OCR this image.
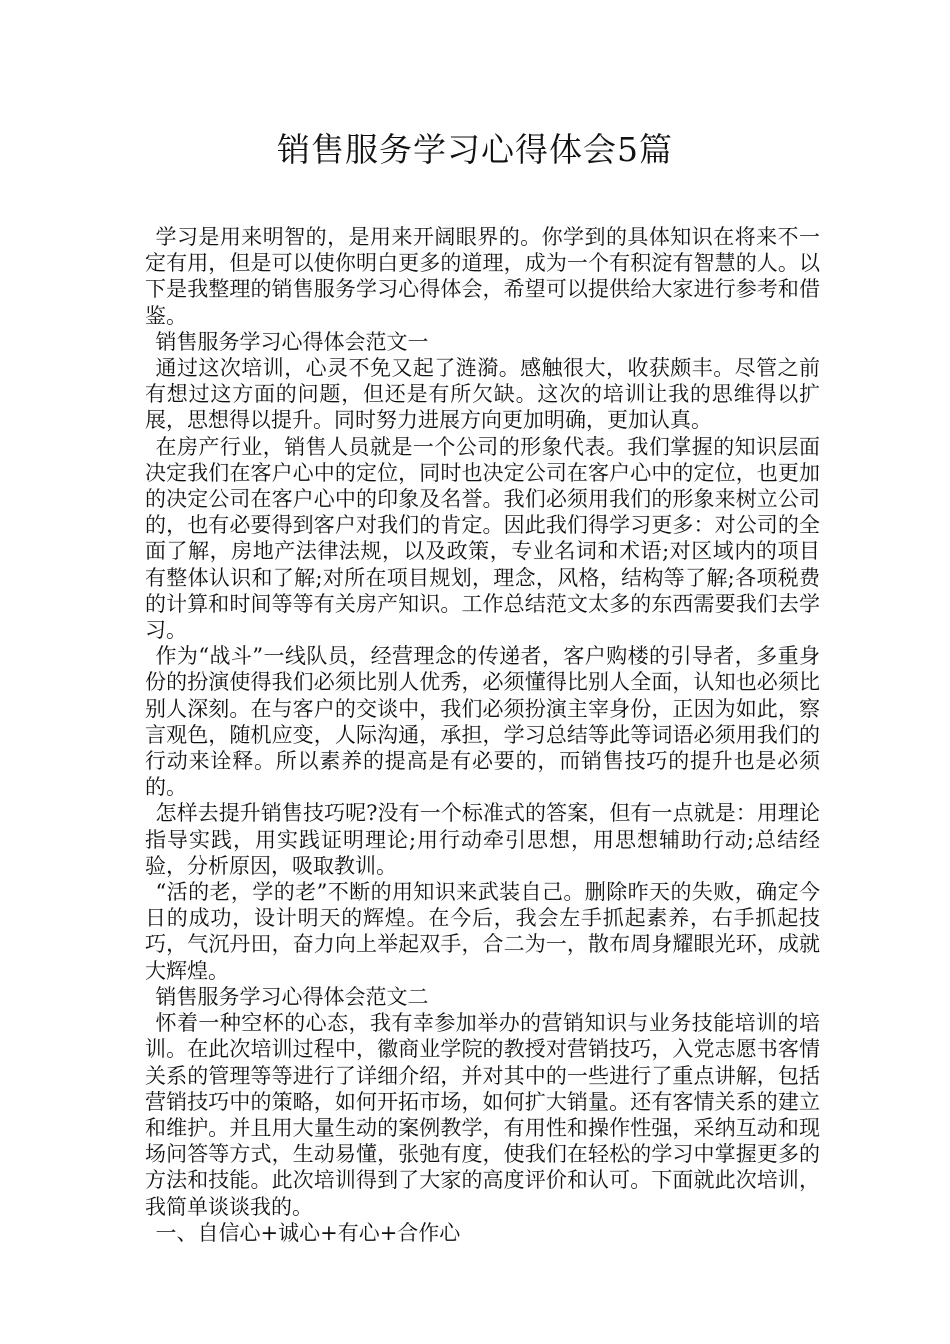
销售服务学习心得体会5篇

学习是用来明智的，是用来开阔眼界的。你学到的具体知识在将来不一定有用，但是可以使你明白更多的道理，成为一个有积淀有智慧的人。以下是我整理的销售服务学习心得体会，希望可以提供给大家进行参考和借鉴。

销售服务学习心得体会范文一

通过这次培训，心灵不免又起了涟漪。感触很大，收获颇丰。尽管之前有想过这方面的问题，但还是有所欠缺。这次的培训让我的思维得以扩展，思想得以提升。同时努力进展方向更加明确，更加认真。

在房产行业，销售人员就是一个公司的形象代表。我们掌握的知识层面决定我们在客户心中的定位，同时也决定公司在客户心中的定位，也更加的决定公司在客户心中的印象及名誉。我们必须用我们的形象来树立公司的，也有必要得到客户对我们的肯定。因此我们得学习更多：对公司的全面了解，房地产法律法规，以及政策，专业名词和术语;对区域内的项目有整体认识和了解;对所在项目规划，理念，风格，结构等了解;各项税费的计算和时间等等有关房产知识。工作总结范文太多的东西需要我们去学习。

作为“战斗”一线队员，经营理念的传递者，客户购楼的引导者，多重身份的扮演使得我们必须比别人优秀，必须懂得比别人全面，认知也必须比别人深刻。在与客户的交谈中，我们必须扮演主宰身份，正因为如此，察言观色，随机应变，人际沟通，承担，学习总结等此等词语必须用我们的行动来诠释。所以素养的提高是有必要的，而销售技巧的提升也是必须的。

怎样去提升销售技巧呢?没有一个标准式的答案，但有一点就是：用理论指导实践，用实践证明理论;用行动牵引思想，用思想辅助行动;总结经验，分析原因，吸取教训。

“活的老，学的老”不断的用知识来武装自己。删除昨天的失败，确定今日的成功，设计明天的辉煌。在今后，我会左手抓起素养，右手抓起技巧，气沉丹田，奋力向上举起双手，合二为一，散布周身耀眼光环，成就大辉煌。

销售服务学习心得体会范文二

怀着一种空杯的心态，我有幸参加举办的营销知识与业务技能培训的培训。在此次培训过程中，徽商业学院的教授对营销技巧，入党志愿书客情关系的管理等等进行了详细介绍，并对其中的一些进行了重点讲解，包括营销技巧中的策略，如何开拓市场，如何扩大销量。还有客情关系的建立和维护。并且用大量生动的案例教学，有用性和操作性强，采纳互动和现场问答等方式，生动易懂，张弛有度，使我们在轻松的学习中掌握更多的方法和技能。此次培训得到了大家的高度评价和认可。下面就此次培训，我简单谈谈我的。

一、自信心+诚心+有心+合作心
